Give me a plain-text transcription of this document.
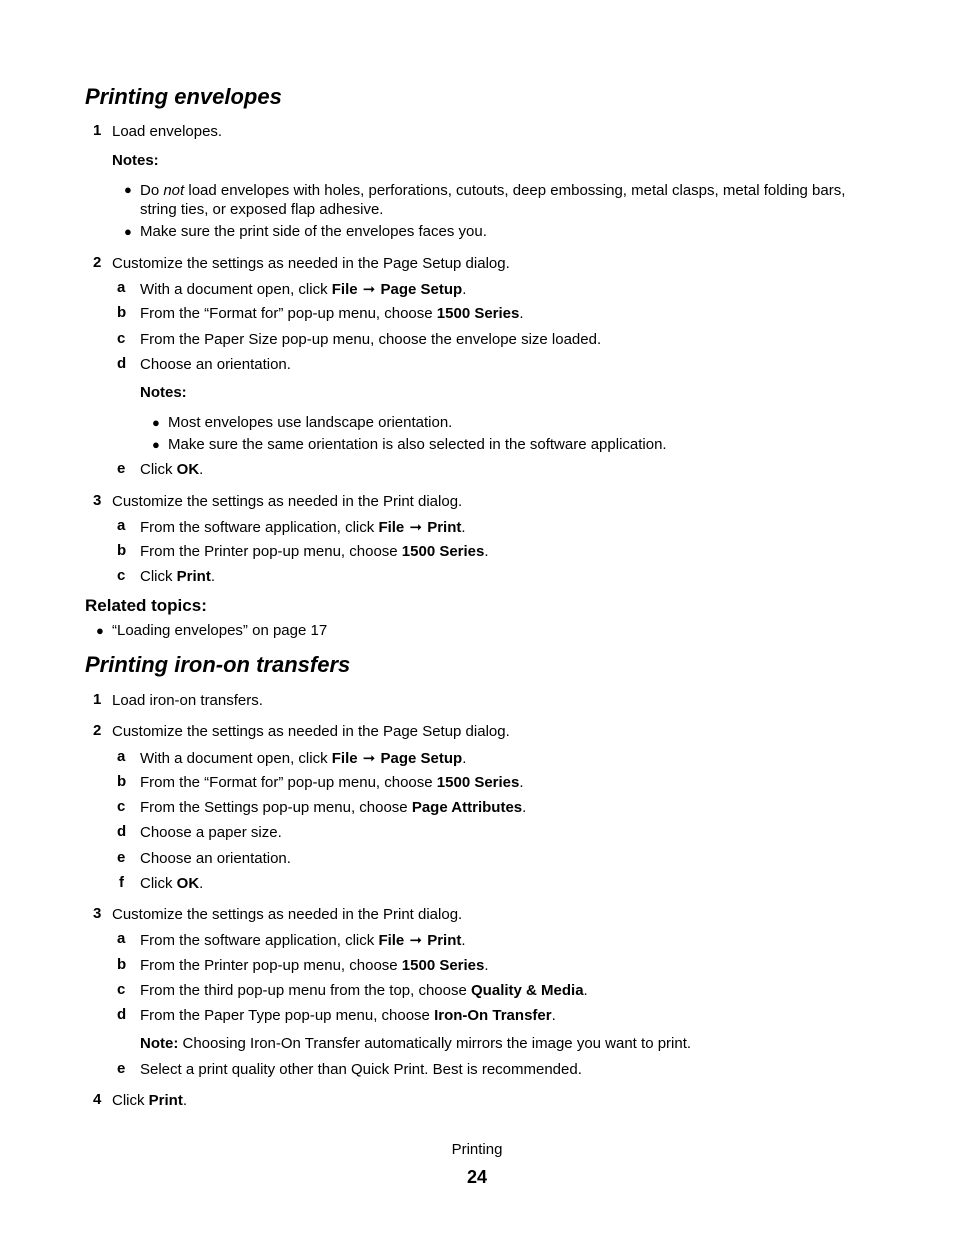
Printing envelopes
1 Load envelopes.
Notes:
● Do not load envelopes with holes, perforations, cutouts, deep embossing, metal clasps, metal folding bars, string ties, or exposed flap adhesive.
● Make sure the print side of the envelopes faces you.
2 Customize the settings as needed in the Page Setup dialog.
a With a document open, click File ➞ Page Setup.
b From the “Format for” pop-up menu, choose 1500 Series.
c From the Paper Size pop-up menu, choose the envelope size loaded.
d Choose an orientation.
Notes:
● Most envelopes use landscape orientation.
● Make sure the same orientation is also selected in the software application.
e Click OK.
3 Customize the settings as needed in the Print dialog.
a From the software application, click File ➞ Print.
b From the Printer pop-up menu, choose 1500 Series.
c Click Print.
Related topics:
● “Loading envelopes” on page 17
Printing iron-on transfers
1 Load iron-on transfers.
2 Customize the settings as needed in the Page Setup dialog.
a With a document open, click File ➞ Page Setup.
b From the “Format for” pop-up menu, choose 1500 Series.
c From the Settings pop-up menu, choose Page Attributes.
d Choose a paper size.
e Choose an orientation.
f Click OK.
3 Customize the settings as needed in the Print dialog.
a From the software application, click File ➞ Print.
b From the Printer pop-up menu, choose 1500 Series.
c From the third pop-up menu from the top, choose Quality & Media.
d From the Paper Type pop-up menu, choose Iron-On Transfer.
Note: Choosing Iron-On Transfer automatically mirrors the image you want to print.
e Select a print quality other than Quick Print. Best is recommended.
4 Click Print.
Printing
24
